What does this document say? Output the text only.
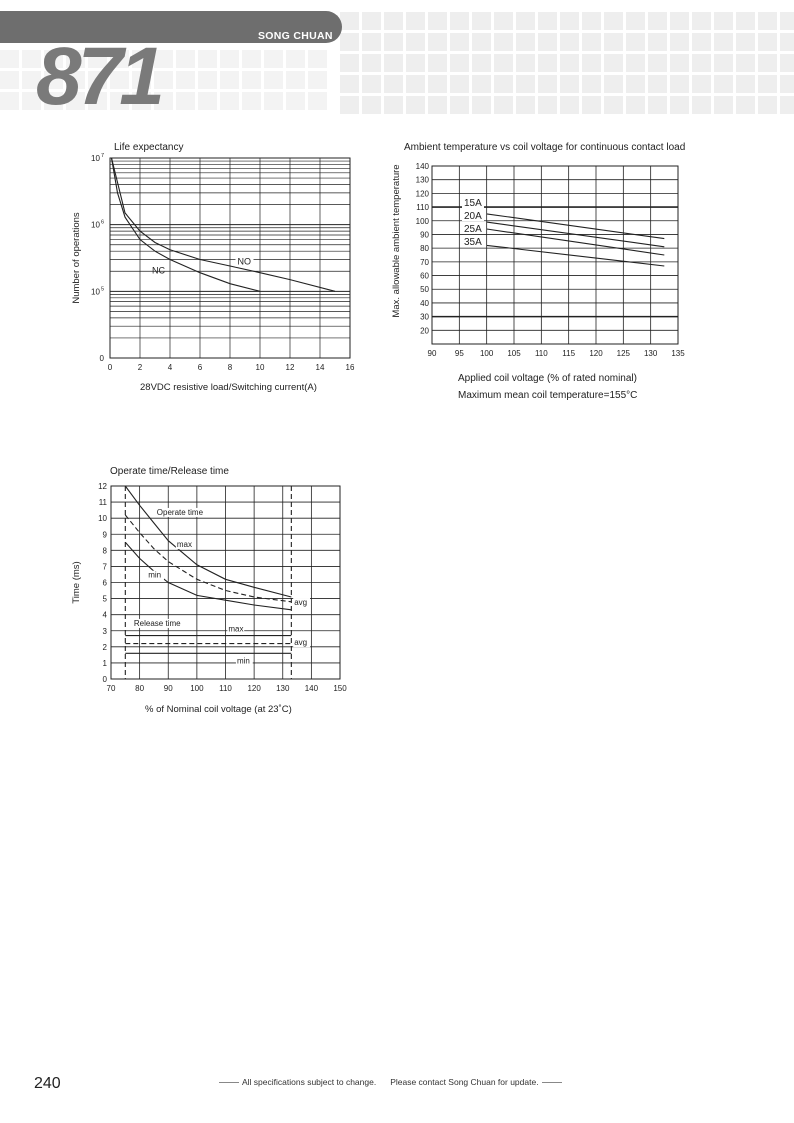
SONG CHUAN
871
Life expectancy
0	2	4	6	8	10	12	14	16
0
$10^5$
$10^6$
$10^7$
28VDC resistive load/Switching current(A)
Number of operations	NO
NC
Ambient temperature vs coil voltage for continuous contact load
90 95 100 105 110 115 120 125 130 135
20
30
40
50
60
70
80
90
100
110
120
130
140
Max. allowable ambient temperature
Applied coil voltage (% of rated nominal)
Maximum mean coil temperature=155°C
15A
20A
25A
35A
Operate time/Release time
70 80 90 100 110 120 130 140 150
0
1
2
3
4
5
6
7
8
9
10
11
12
Time (ms)
% of Nominal coil voltage (at 23˚C)
Operate time
max
min
avg
Release time
max
avg
min
240	All specifications subject to change. Please contact Song Chuan for update.
